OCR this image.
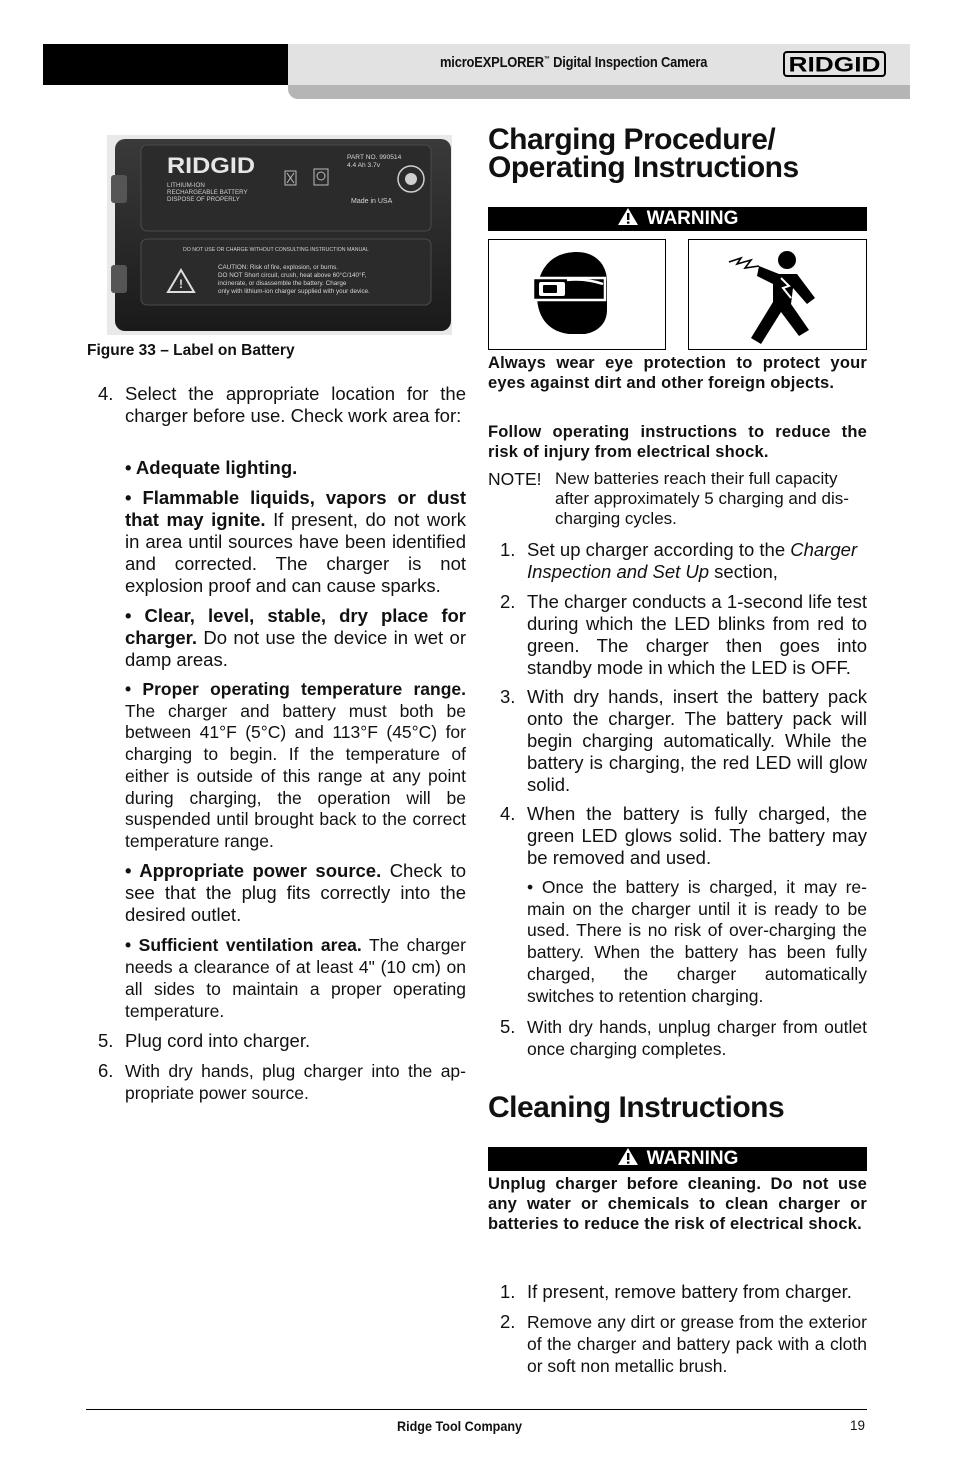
microEXPLORER™ Digital Inspection Camera	RIDGID
RIDGID
LITHIUM-ION
RECHARGEABLE BATTERY
DISPOSE OF PROPERLY
PART NO. 990514
4.4 Ah 3.7v
Made in USA
DO NOT USE OR CHARGE WITHOUT CONSULTING INSTRUCTION MANUAL
!
CAUTION: Risk of fire, explosion, or burns.
DO NOT Short circuit, crush, heat above 60°C/140°F,
incinerate, or disassemble the battery. Charge
only with lithium-ion charger supplied with your device.
Figure 33 – Label on Battery
4. Select the appropriate location for the charger before use. Check work area for:
• Adequate lighting.
• Flammable liquids, vapors or dust that may ignite. If present, do not work in area until sources have been identified and corrected. The charger is not explosion proof and can cause sparks.
• Clear, level, stable, dry place for charger. Do not use the device in wet or damp areas.
• Proper operating temperature range. The charger and battery must both be between 41°F (5°C) and 113°F (45°C) for charging to begin. If the temperature of either is outside of this range at any point during charging, the operation will be suspended until brought back to the correct temperature range.
• Appropriate power source. Check to see that the plug fits correctly into the desired outlet.
• Sufficient ventilation area. The charger needs a clearance of at least 4" (10 cm) on all sides to maintain a proper operating temperature.
5. Plug cord into charger.
6. With dry hands, plug charger into the appropriate power source.
Charging Procedure/
Operating Instructions
WARNING
Always wear eye protection to protect your eyes against dirt and other foreign objects.
Follow operating instructions to reduce the risk of injury from electrical shock.
NOTE! New batteries reach their full capacity after approximately 5 charging and discharging cycles.
1. Set up charger according to the Charger Inspection and Set Up section,
2. The charger conducts a 1-second life test during which the LED blinks from red to green. The charger then goes into standby mode in which the LED is OFF.
3. With dry hands, insert the battery pack onto the charger. The battery pack will begin charging automatically. While the battery is charging, the red LED will glow solid.
4. When the battery is fully charged, the green LED glows solid. The battery may be removed and used.
• Once the battery is charged, it may remain on the charger until it is ready to be used. There is no risk of over-charging the battery. When the battery has been fully charged, the charger automatically switches to retention charging.
5. With dry hands, unplug charger from outlet once charging completes.
Cleaning Instructions
WARNING
Unplug charger before cleaning. Do not use any water or chemicals to clean charger or batteries to reduce the risk of electrical shock.
1. If present, remove battery from charger.
2. Remove any dirt or grease from the exterior of the charger and battery pack with a cloth or soft non metallic brush.
Ridge Tool Company	19
